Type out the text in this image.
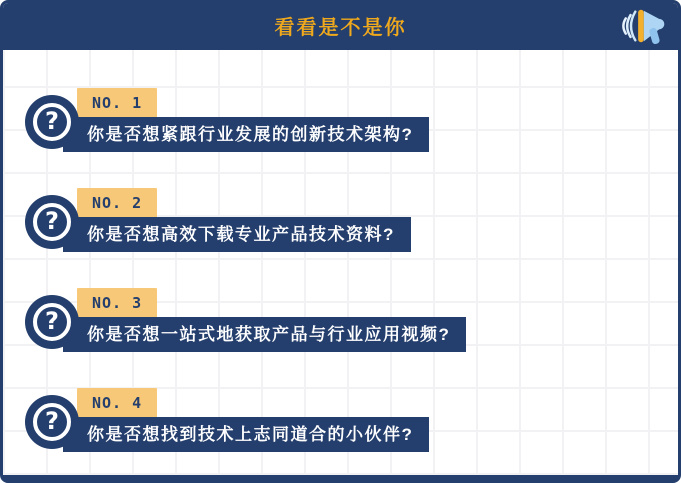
看看是不是你
?
NO. 1
你是否想紧跟行业发展的创新技术架构?
?
NO. 2
你是否想高效下载专业产品技术资料?
?
NO. 3
你是否想一站式地获取产品与行业应用视频?
?
NO. 4
你是否想找到技术上志同道合的小伙伴?
